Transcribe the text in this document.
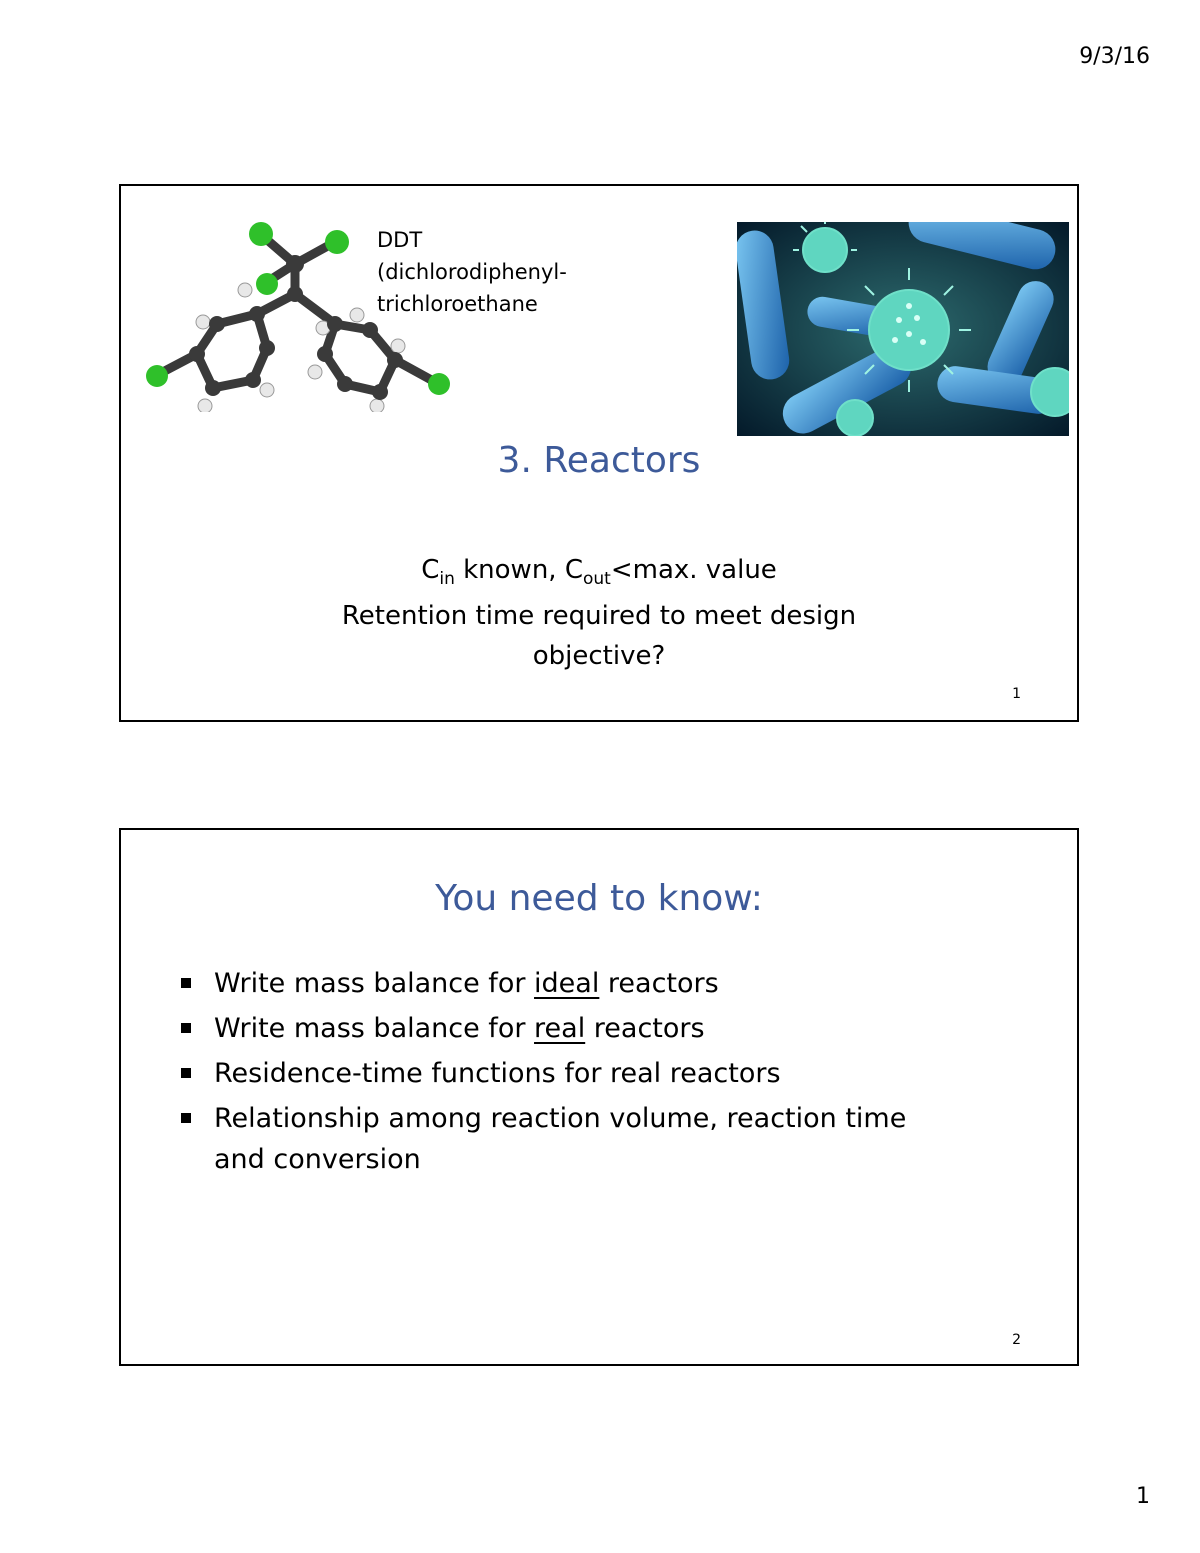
9/3/16
DDT
(dichlorodiphenyl-
trichloroethane
3. Reactors
$C_{in}$ known, $C_{out}<\max$. value
Retention time required to meet design
objective?
1
You need to know:
Write mass balance for ideal reactors
Write mass balance for real reactors
Residence-time functions for real reactors
Relationship among reaction volume, reaction time and conversion
2
1
